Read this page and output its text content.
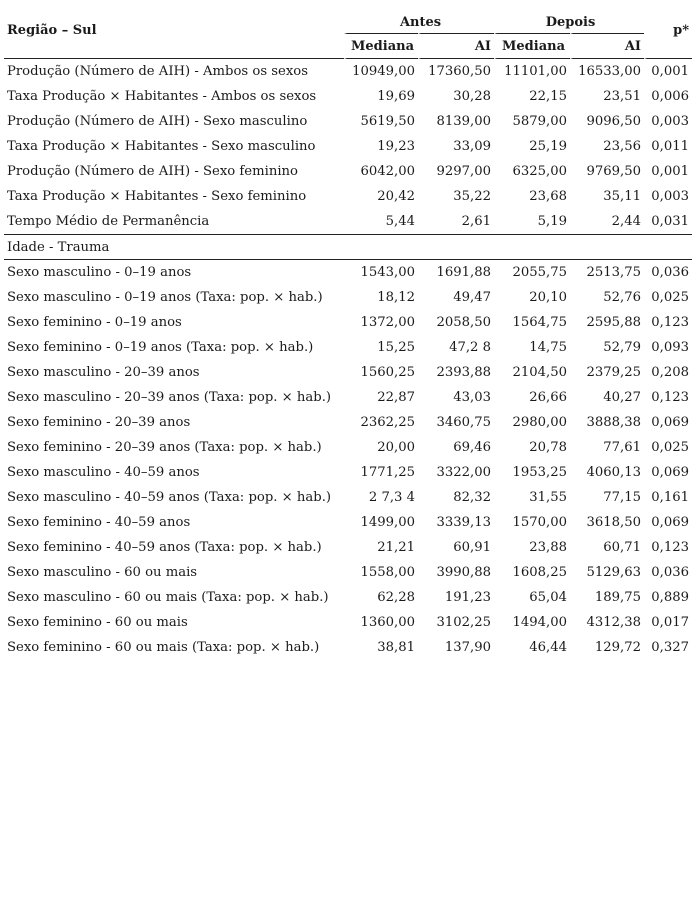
Região – Sul	Antes		Depois		p*
	Mediana	AI	Mediana	AI	
Produção (Número de AIH) - Ambos os sexos	10949,00	17360,50	11101,00	16533,00	0,001
Taxa Produção × Habitantes - Ambos os sexos	19,69	30,28	22,15	23,51	0,006
Produção (Número de AIH) - Sexo masculino	5619,50	8139,00	5879,00	9096,50	0,003
Taxa Produção × Habitantes - Sexo masculino	19,23	33,09	25,19	23,56	0,011
Produção (Número de AIH) - Sexo feminino	6042,00	9297,00	6325,00	9769,50	0,001
Taxa Produção × Habitantes - Sexo feminino	20,42	35,22	23,68	35,11	0,003
Tempo Médio de Permanência	5,44	2,61	5,19	2,44	0,031
Idade - Trauma					
Sexo masculino - 0–19 anos	1543,00	1691,88	2055,75	2513,75	0,036
Sexo masculino - 0–19 anos (Taxa: pop. × hab.)	18,12	49,47	20,10	52,76	0,025
Sexo feminino - 0–19 anos	1372,00	2058,50	1564,75	2595,88	0,123
Sexo feminino - 0–19 anos (Taxa: pop. × hab.)	15,25	47,2 8	14,75	52,79	0,093
Sexo masculino - 20–39 anos	1560,25	2393,88	2104,50	2379,25	0,208
Sexo masculino - 20–39 anos (Taxa: pop. × hab.)	22,87	43,03	26,66	40,27	0,123
Sexo feminino - 20–39 anos	2362,25	3460,75	2980,00	3888,38	0,069
Sexo feminino - 20–39 anos (Taxa: pop. × hab.)	20,00	69,46	20,78	77,61	0,025
Sexo masculino - 40–59 anos	1771,25	3322,00	1953,25	4060,13	0,069
Sexo masculino - 40–59 anos (Taxa: pop. × hab.)	2 7,3 4	82,32	31,55	77,15	0,161
Sexo feminino - 40–59 anos	1499,00	3339,13	1570,00	3618,50	0,069
Sexo feminino - 40–59 anos (Taxa: pop. × hab.)	21,21	60,91	23,88	60,71	0,123
Sexo masculino - 60 ou mais	1558,00	3990,88	1608,25	5129,63	0,036
Sexo masculino - 60 ou mais (Taxa: pop. × hab.)	62,28	191,23	65,04	189,75	0,889
Sexo feminino - 60 ou mais	1360,00	3102,25	1494,00	4312,38	0,017
Sexo feminino - 60 ou mais (Taxa: pop. × hab.)	38,81	137,90	46,44	129,72	0,327
